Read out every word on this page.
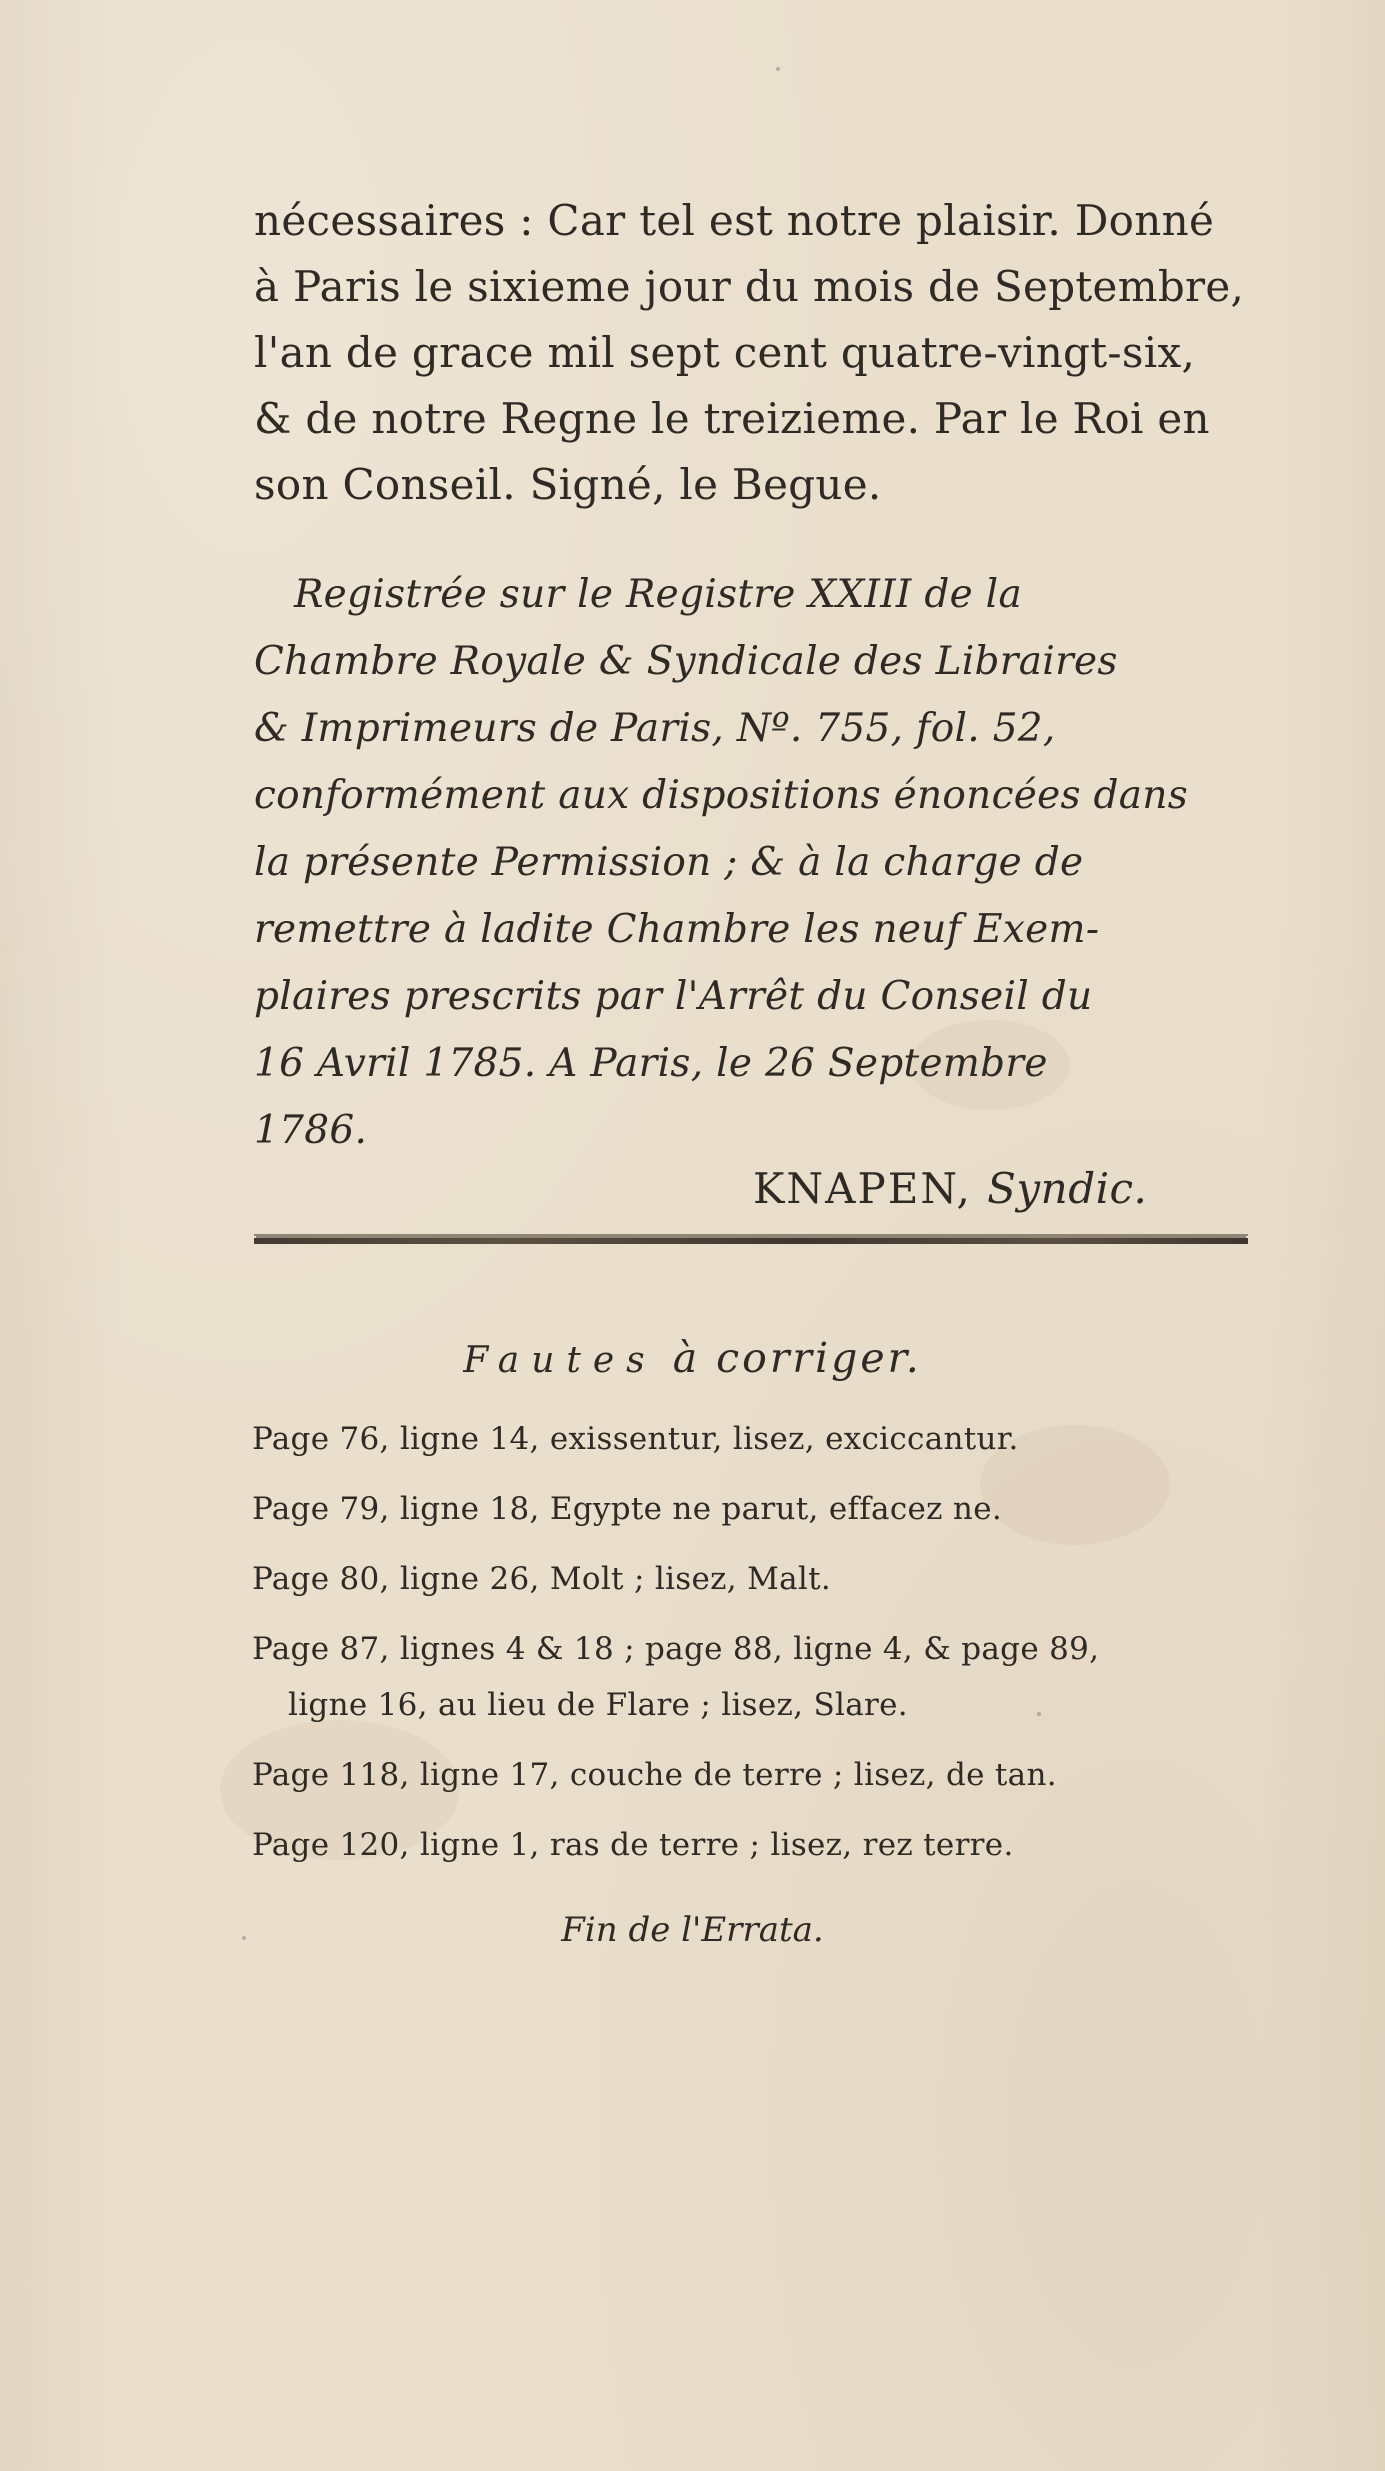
nécessaires : Car tel est notre plaisir. Donné
à Paris le sixieme jour du mois de Septembre,
l'an de grace mil sept cent quatre-vingt-six,
& de notre Regne le treizieme. Par le Roi en
son Conseil. Signé, le Begue.
Registrée sur le Registre XXIII de la
Chambre Royale & Syndicale des Libraires
& Imprimeurs de Paris, Nº. 755, fol. 52,
conformément aux dispositions énoncées dans
la présente Permission ; & à la charge de
remettre à ladite Chambre les neuf Exem-
plaires prescrits par l'Arrêt du Conseil du
16 Avril 1785. A Paris, le 26 Septembre
1786.
KNAPEN, Syndic.
Fautes à corriger.
Page 76, ligne 14, exissentur, lisez, exciccantur.
Page 79, ligne 18, Egypte ne parut, effacez ne.
Page 80, ligne 26, Molt ; lisez, Malt.
Page 87, lignes 4 & 18 ; page 88, ligne 4, & page 89,
ligne 16, au lieu de Flare ; lisez, Slare.
Page 118, ligne 17, couche de terre ; lisez, de tan.
Page 120, ligne 1, ras de terre ; lisez, rez terre.
Fin de l'Errata.
